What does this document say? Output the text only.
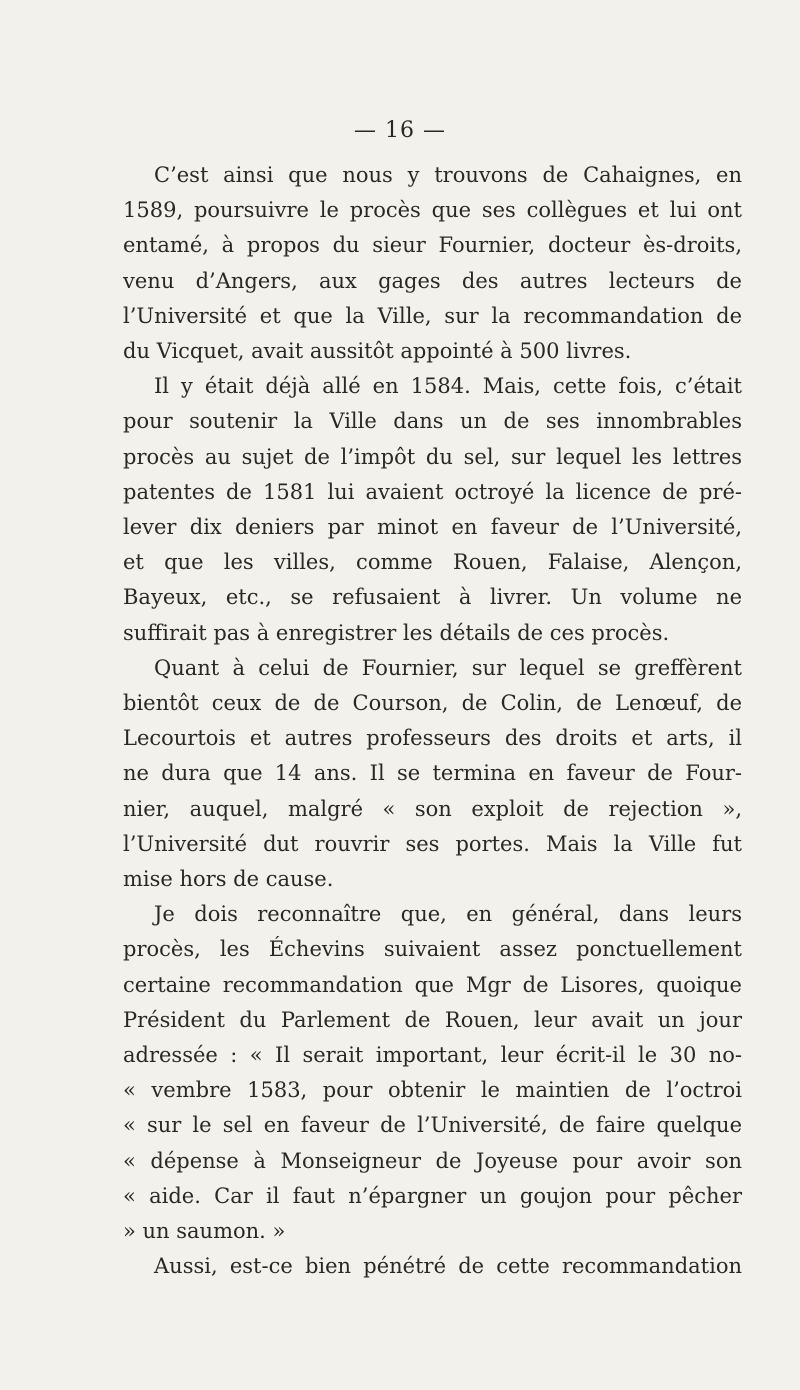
— 16 —
C’est ainsi que nous y trouvons de Cahaignes, en
1589, poursuivre le procès que ses collègues et lui ont
entamé, à propos du sieur Fournier, docteur ès-droits,
venu d’Angers, aux gages des autres lecteurs de
l’Université et que la Ville, sur la recommandation de
du Vicquet, avait aussitôt appointé à 500 livres.
Il y était déjà allé en 1584. Mais, cette fois, c’était
pour soutenir la Ville dans un de ses innombrables
procès au sujet de l’impôt du sel, sur lequel les lettres
patentes de 1581 lui avaient octroyé la licence de pré-
lever dix deniers par minot en faveur de l’Université,
et que les villes, comme Rouen, Falaise, Alençon,
Bayeux, etc., se refusaient à livrer. Un volume ne
suffirait pas à enregistrer les détails de ces procès.
Quant à celui de Fournier, sur lequel se greffèrent
bientôt ceux de de Courson, de Colin, de Lenœuf, de
Lecourtois et autres professeurs des droits et arts, il
ne dura que 14 ans. Il se termina en faveur de Four-
nier, auquel, malgré « son exploit de rejection »,
l’Université dut rouvrir ses portes. Mais la Ville fut
mise hors de cause.
Je dois reconnaître que, en général, dans leurs
procès, les Échevins suivaient assez ponctuellement
certaine recommandation que Mgr de Lisores, quoique
Président du Parlement de Rouen, leur avait un jour
adressée : « Il serait important, leur écrit-il le 30 no-
« vembre 1583, pour obtenir le maintien de l’octroi
« sur le sel en faveur de l’Université, de faire quelque
« dépense à Monseigneur de Joyeuse pour avoir son
« aide. Car il faut n’épargner un goujon pour pêcher
» un saumon. »
Aussi, est-ce bien pénétré de cette recommandation
